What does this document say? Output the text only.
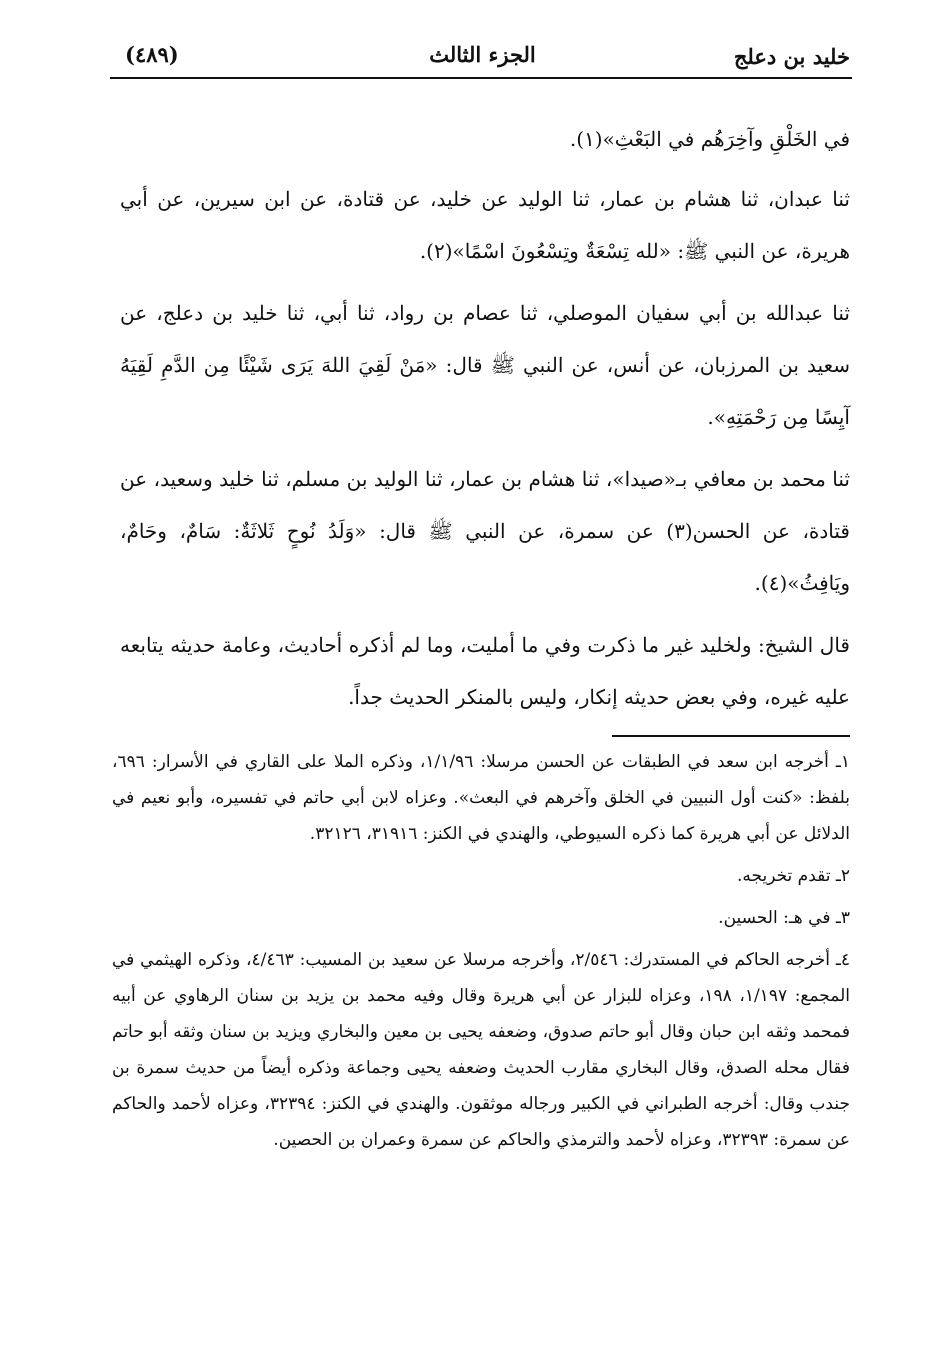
خليد بن دعلج
الجزء الثالث
(٤٨٩)

في الخَلْقِ وآخِرَهُم في البَعْثِ»(١).

ثنا عبدان، ثنا هشام بن عمار، ثنا الوليد عن خليد، عن قتادة، عن ابن سيرين، عن أبي هريرة، عن النبي ﷺ: «لله تِسْعَةٌ وتِسْعُونَ اسْمًا»(٢).

ثنا عبدالله بن أبي سفيان الموصلي، ثنا عصام بن رواد، ثنا أبي، ثنا خليد بن دعلج، عن سعيد بن المرزبان، عن أنس، عن النبي ﷺ قال: «مَنْ لَقِيَ اللهَ يَرَى شَيْئًا مِن الدَّمِ لَقِيَهُ آيِسًا مِن رَحْمَتِهِ».

ثنا محمد بن معافي بـ«صيدا»، ثنا هشام بن عمار، ثنا الوليد بن مسلم، ثنا خليد وسعيد، عن قتادة، عن الحسن(٣) عن سمرة، عن النبي ﷺ قال: «وَلَدُ نُوحٍ ثَلاثَةٌ: سَامٌ، وحَامٌ، ويَافِثُ»(٤).

قال الشيخ: ولخليد غير ما ذكرت وفي ما أمليت، وما لم أذكره أحاديث، وعامة حديثه يتابعه عليه غيره، وفي بعض حديثه إنكار، وليس بالمنكر الحديث جداً.

١ـ أخرجه ابن سعد في الطبقات عن الحسن مرسلا: ١/١/٩٦، وذكره الملا على القاري في الأسرار: ٦٩٦، بلفظ: «كنت أول النبيين في الخلق وآخرهم في البعث». وعزاه لابن أبي حاتم في تفسيره، وأبو نعيم في الدلائل عن أبي هريرة كما ذكره السيوطي، والهندي في الكنز: ٣١٩١٦، ٣٢١٢٦.

٢ـ تقدم تخريجه.

٣ـ في هـ: الحسين.

٤ـ أخرجه الحاكم في المستدرك: ٢/٥٤٦، وأخرجه مرسلا عن سعيد بن المسيب: ٤/٤٦٣، وذكره الهيثمي في المجمع: ١/١٩٧، ١٩٨، وعزاه للبزار عن أبي هريرة وقال وفيه محمد بن يزيد بن سنان الرهاوي عن أبيه فمحمد وثقه ابن حبان وقال أبو حاتم صدوق، وضعفه يحيى بن معين والبخاري ويزيد بن سنان وثقه أبو حاتم فقال محله الصدق، وقال البخاري مقارب الحديث وضعفه يحيى وجماعة وذكره أيضاً من حديث سمرة بن جندب وقال: أخرجه الطبراني في الكبير ورجاله موثقون. والهندي في الكنز: ٣٢٣٩٤، وعزاه لأحمد والحاكم عن سمرة: ٣٢٣٩٣، وعزاه لأحمد والترمذي والحاكم عن سمرة وعمران بن الحصين.
